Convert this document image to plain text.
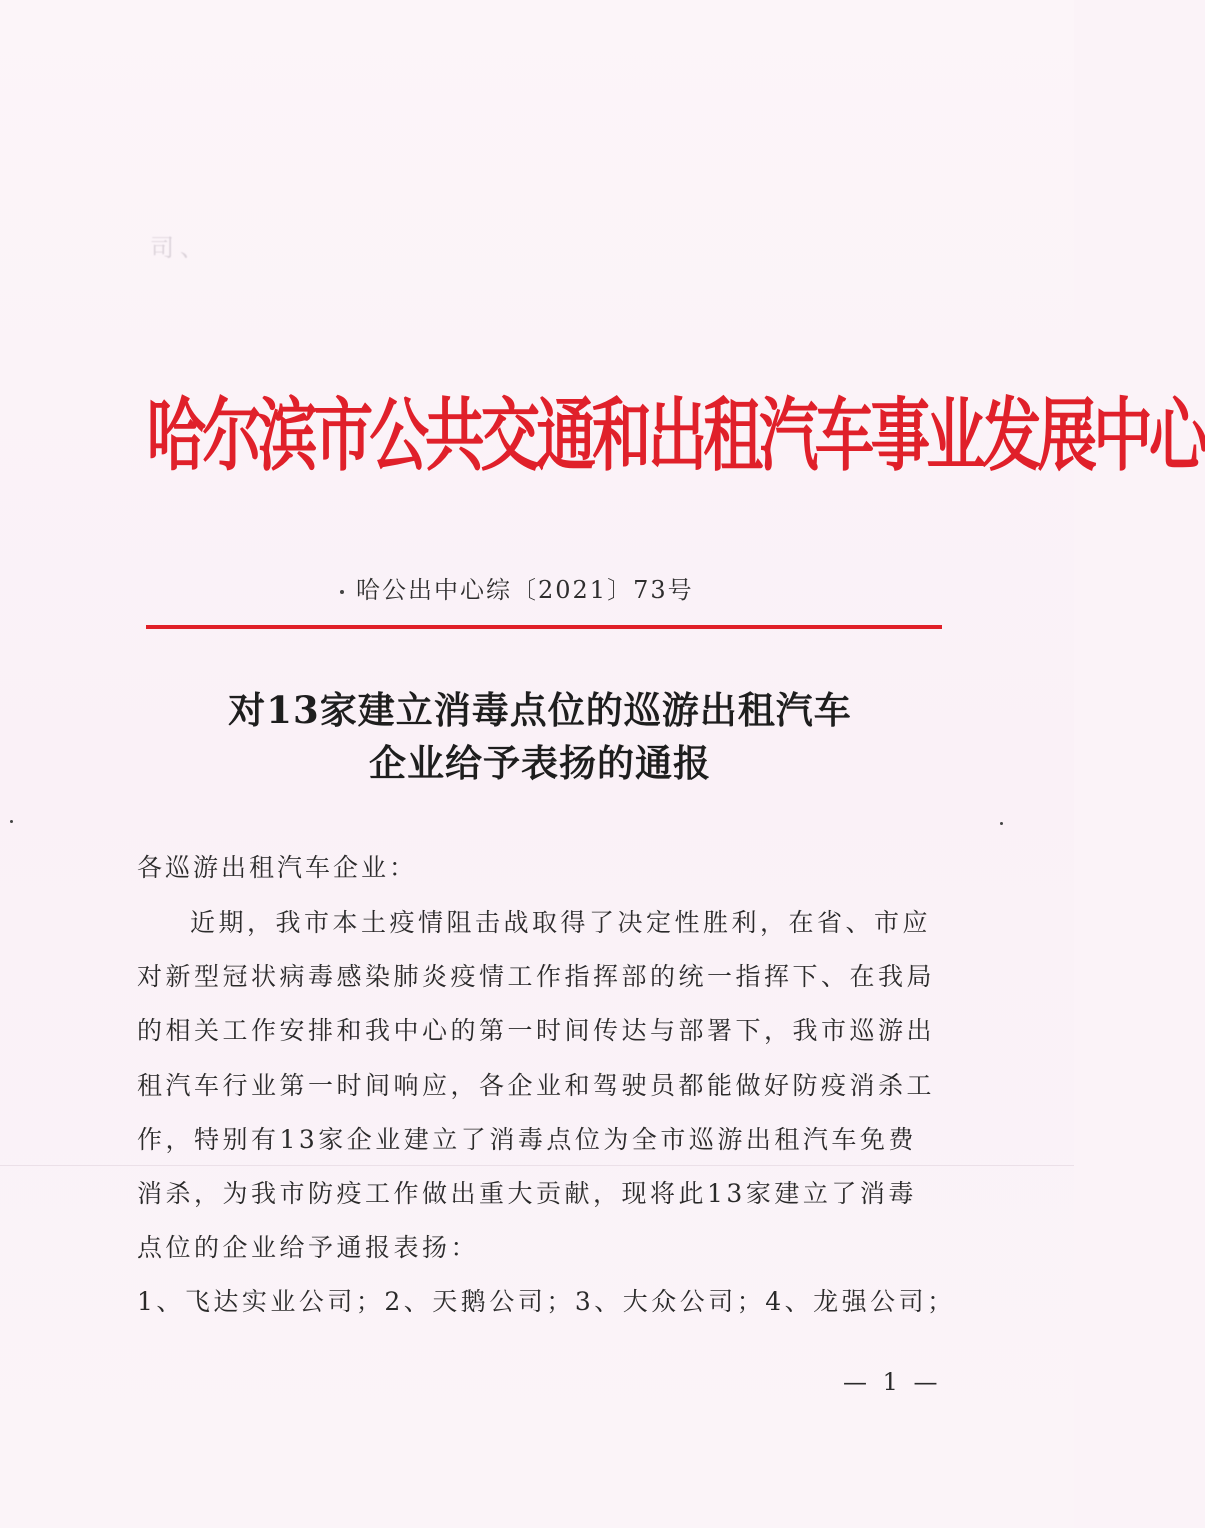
司、　　　　　　　　　　　　　　　　　　　　　　　　

哈尔滨市公共交通和出租汽车事业发展中心
哈公出中心综〔2021〕73号
对13家建立消毒点位的巡游出租汽车
企业给予表扬的通报
各巡游出租汽车企业：
近期，我市本土疫情阻击战取得了决定性胜利，在省、市应
对新型冠状病毒感染肺炎疫情工作指挥部的统一指挥下、在我局
的相关工作安排和我中心的第一时间传达与部署下，我市巡游出
租汽车行业第一时间响应，各企业和驾驶员都能做好防疫消杀工
作，特别有13家企业建立了消毒点位为全市巡游出租汽车免费
消杀，为我市防疫工作做出重大贡献，现将此13家建立了消毒
点位的企业给予通报表扬：
1、飞达实业公司；2、天鹅公司；3、大众公司；4、龙强公司；
— 1 —
